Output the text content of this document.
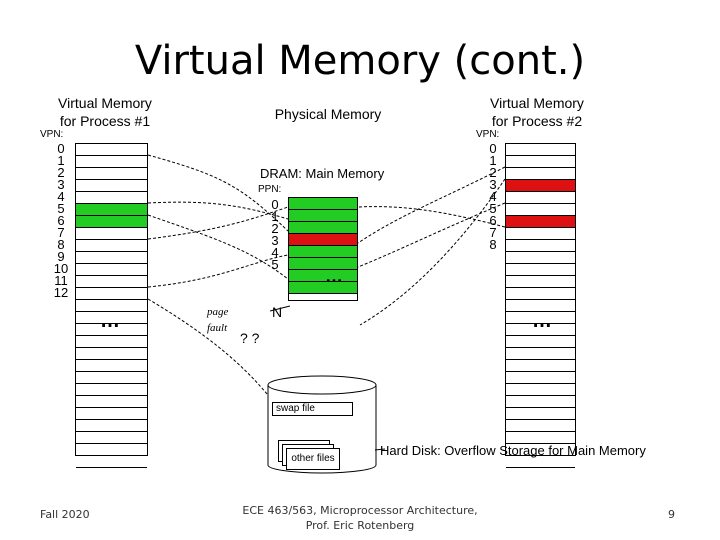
Virtual Memory (cont.)
Virtual Memory
for Process #1	Physical Memory
Virtual Memory
for Process #2
VPN:	VPN:
0
1
2
3
4
5
6
7
8
9
10
11
12
…
DRAM: Main Memory
PPN:
0
1
2
3
4
5
…
N
0
1
2
3
4
5
6
7
8
…
page
fault
? ?
swap file
other files
Hard Disk: Overflow Storage for Main Memory
Fall 2020	ECE 463/563, Microprocessor Architecture,
Prof. Eric Rotenberg
9
